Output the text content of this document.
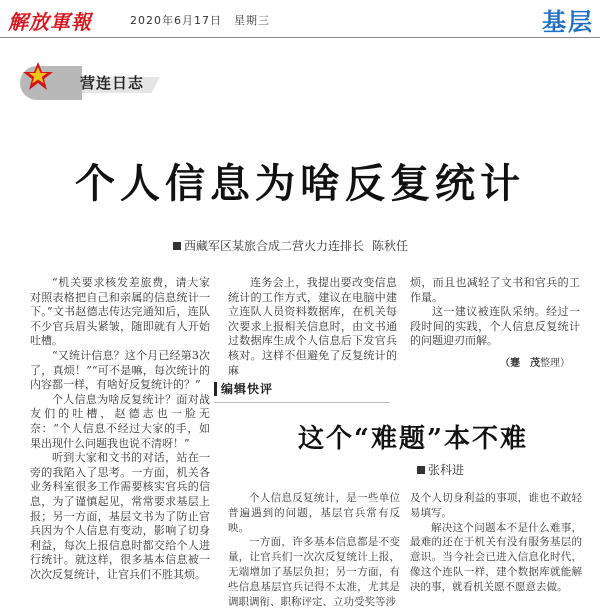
解放軍報	2020年6月17日　星期三	基层
营连日志
个人信息为啥反复统计
西藏军区某旅合成二营火力连排长 陈秋任

“机关要求核发差旅费，请大家对照表格把自己和亲属的信息统计一下。”文书赵德志传达完通知后，连队不少官兵眉头紧皱，随即就有人开始吐槽。

“又统计信息？这个月已经第3次了，真烦！”“可不是嘛，每次统计的内容都一样，有啥好反复统计的？”

个人信息为啥反复统计？面对战友们的吐槽，赵德志也一脸无奈：“个人信息不经过大家的手，如果出现什么问题我也说不清呀！”

听到大家和文书的对话，站在一旁的我陷入了思考。一方面，机关各业务科室很多工作需要核实官兵的信息，为了谨慎起见，常常要求基层上报；另一方面，基层文书为了防止官兵因为个人信息有变动，影响了切身利益，每次上报信息时都交给个人进行统计。就这样，很多基本信息被一次次反复统计，让官兵们不胜其烦。

连务会上，我提出要改变信息统计的工作方式，建议在电脑中建立连队人员资料数据库，在机关每次要求上报相关信息时，由文书通过数据库生成个人信息后下发官兵核对。这样不但避免了反复统计的麻

烦，而且也减轻了文书和官兵的工作量。

这一建议被连队采纳。经过一段时间的实践，个人信息反复统计的问题迎刃而解。

（蹇　茂整理）
编辑快评
这个“难题”本不难
张科进

个人信息反复统计，是一些单位普遍遇到的问题，基层官兵常有反映。

一方面，许多基本信息都是不变量，让官兵们一次次反复统计上报，无端增加了基层负担；另一方面，有些信息基层官兵记得不太准，尤其是调职调衔、职称评定、立功受奖等涉

及个人切身利益的事项，谁也不敢轻易填写。

解决这个问题本不是什么难事，最难的还在于机关有没有服务基层的意识。当今社会已进入信息化时代，像这个连队一样，建个数据库就能解决的事，就看机关愿不愿意去做。
